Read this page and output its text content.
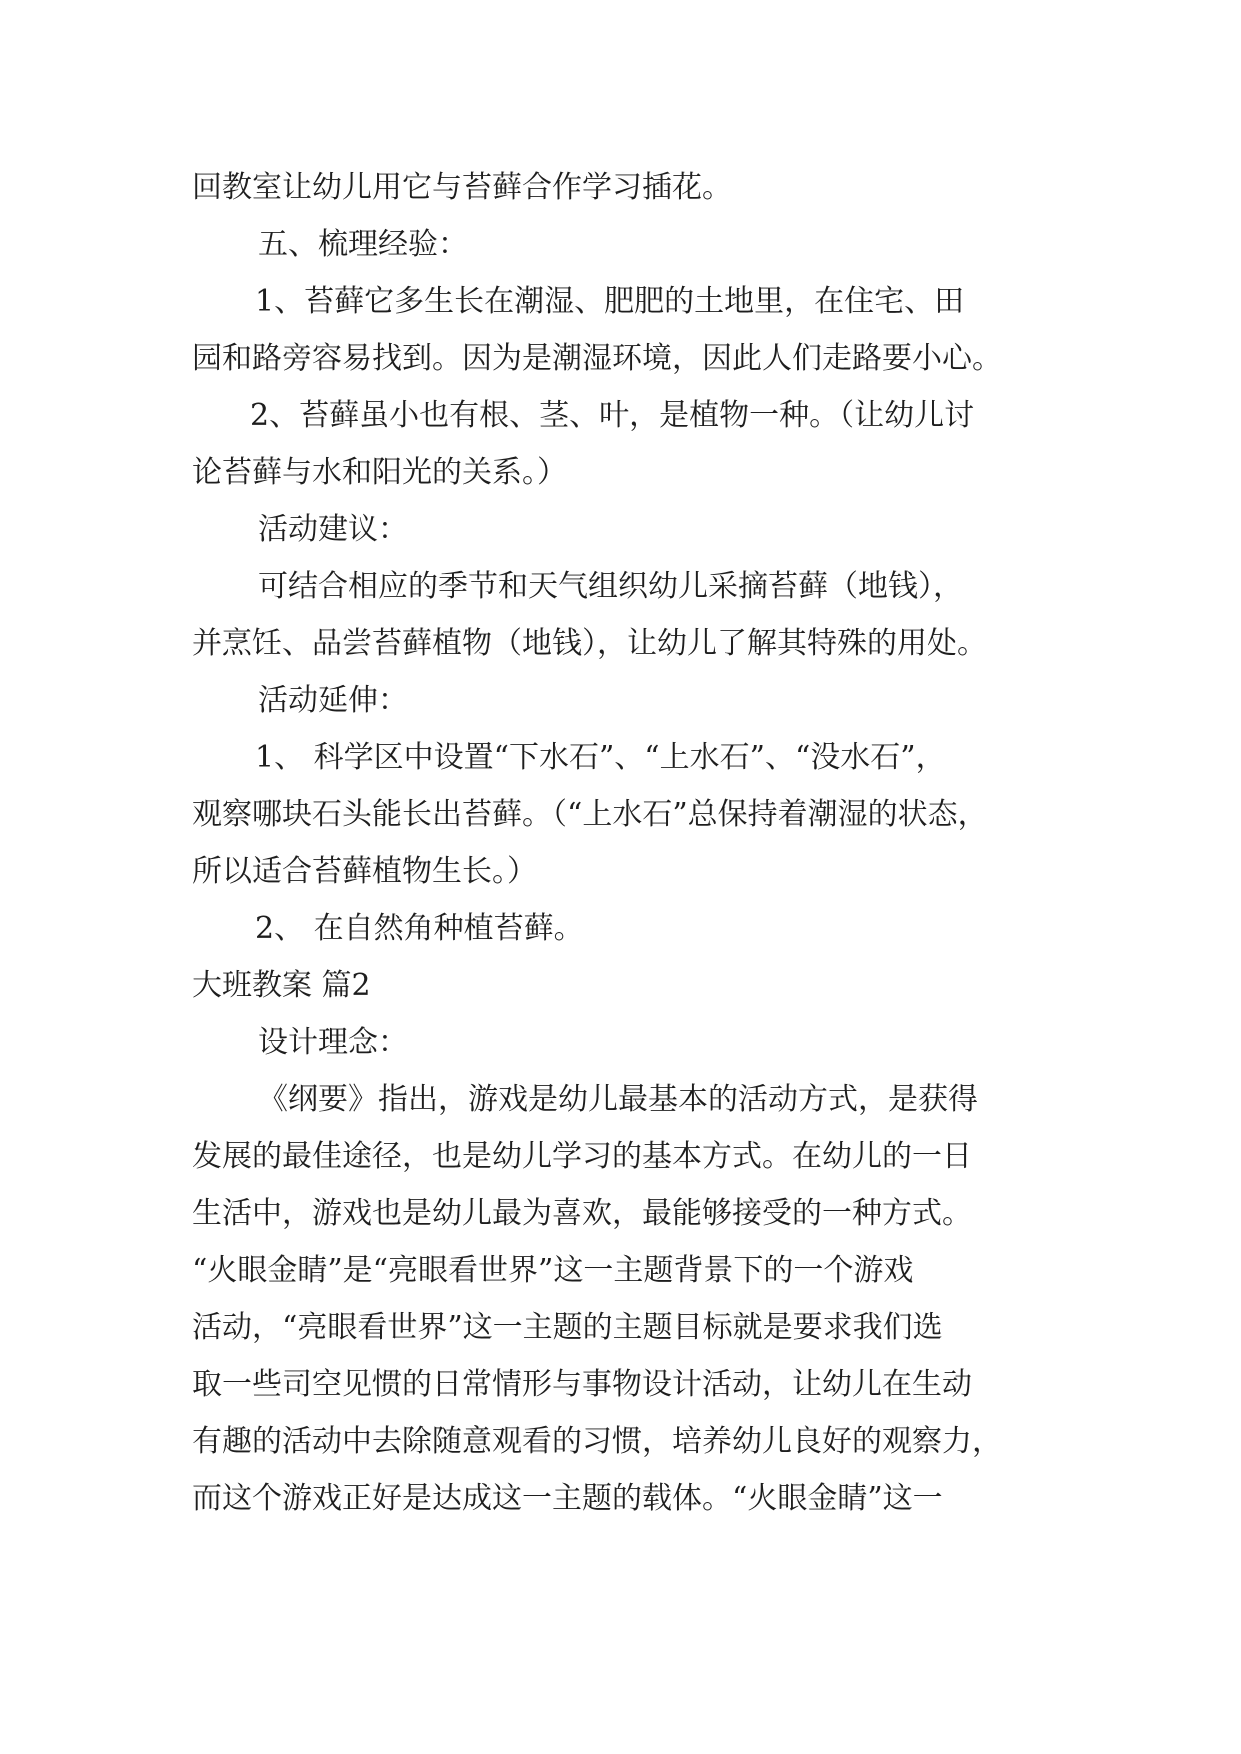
回教室让幼儿用它与苔藓合作学习插花。

五、梳理经验：

1、苔藓它多生长在潮湿、肥肥的土地里，在住宅、田

园和路旁容易找到。因为是潮湿环境，因此人们走路要小心。

2、苔藓虽小也有根、茎、叶，是植物一种。（让幼儿讨

论苔藓与水和阳光的关系。）

活动建议：

可结合相应的季节和天气组织幼儿采摘苔藓（地钱），

并烹饪、品尝苔藓植物（地钱），让幼儿了解其特殊的用处。

活动延伸：

1、 科学区中设置“下水石”、“上水石”、“没水石”，

观察哪块石头能长出苔藓。（“上水石”总保持着潮湿的状态，

所以适合苔藓植物生长。）

2、 在自然角种植苔藓。

大班教案 篇2

设计理念：

《纲要》指出，游戏是幼儿最基本的活动方式，是获得

发展的最佳途径，也是幼儿学习的基本方式。在幼儿的一日

生活中，游戏也是幼儿最为喜欢，最能够接受的一种方式。

“火眼金睛”是“亮眼看世界”这一主题背景下的一个游戏

活动，“亮眼看世界”这一主题的主题目标就是要求我们选

取一些司空见惯的日常情形与事物设计活动，让幼儿在生动

有趣的活动中去除随意观看的习惯，培养幼儿良好的观察力，

而这个游戏正好是达成这一主题的载体。“火眼金睛”这一
